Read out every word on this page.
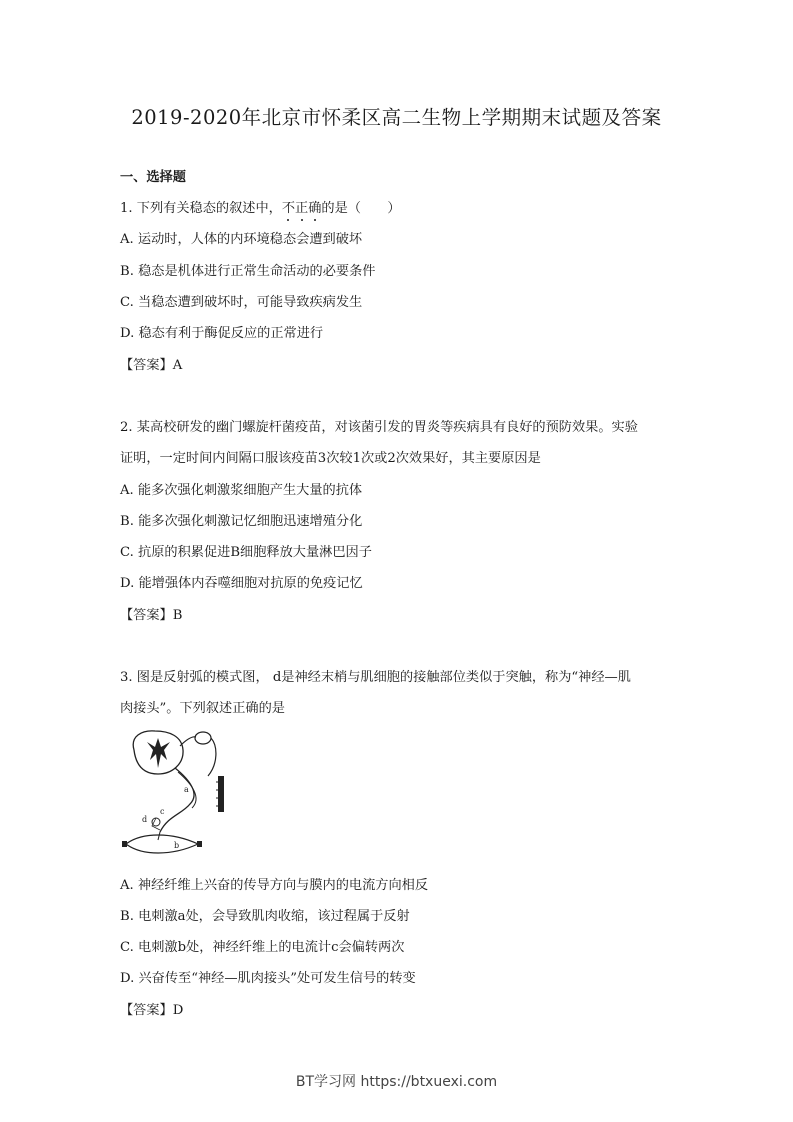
2019-2020年北京市怀柔区高二生物上学期期末试题及答案
一、选择题
1. 下列有关稳态的叙述中，不
正
确
的是（　　）
A. 运动时，人体的内环境稳态会遭到破坏
B. 稳态是机体进行正常生命活动的必要条件
C. 当稳态遭到破坏时，可能导致疾病发生
D. 稳态有利于酶促反应的正常进行
【答案】A
2. 某高校研发的幽门螺旋杆菌疫苗，对该菌引发的胃炎等疾病具有良好的预防效果。实验
证明，一定时间内间隔口服该疫苗3次较1次或2次效果好，其主要原因是
A. 能多次强化刺激浆细胞产生大量的抗体
B. 能多次强化刺激记忆细胞迅速增殖分化
C. 抗原的积累促进B细胞释放大量淋巴因子
D. 能增强体内吞噬细胞对抗原的免疫记忆
【答案】B
3. 图是反射弧的模式图， d是神经末梢与肌细胞的接触部位类似于突触，称为“神经—肌
肉接头”。下列叙述正确的是
d
c
a
b
A. 神经纤维上兴奋的传导方向与膜内的电流方向相反
B. 电刺激a处，会导致肌肉收缩，该过程属于反射
C. 电刺激b处，神经纤维上的电流计c会偏转两次
D. 兴奋传至“神经—肌肉接头”处可发生信号的转变
【答案】D
BT学习网 https://btxuexi.com
